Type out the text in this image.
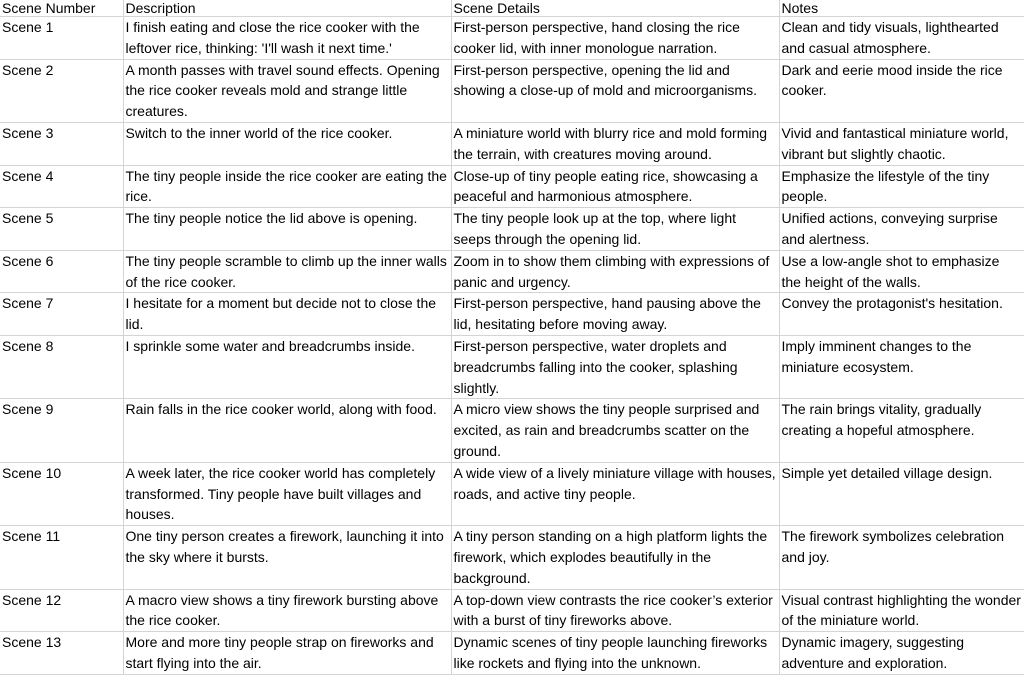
Scene Number	Description	Scene Details	Notes
Scene 1	I finish eating and close the rice cooker with the leftover rice, thinking: 'I'll wash it next time.'	First-person perspective, hand closing the rice cooker lid, with inner monologue narration.	Clean and tidy visuals, lighthearted and casual atmosphere.
Scene 2	A month passes with travel sound effects. Opening the rice cooker reveals mold and strange little creatures.	First-person perspective, opening the lid and showing a close-up of mold and microorganisms.	Dark and eerie mood inside the rice cooker.
Scene 3	Switch to the inner world of the rice cooker.	A miniature world with blurry rice and mold forming the terrain, with creatures moving around.	Vivid and fantastical miniature world, vibrant but slightly chaotic.
Scene 4	The tiny people inside the rice cooker are eating the rice.	Close-up of tiny people eating rice, showcasing a peaceful and harmonious atmosphere.	Emphasize the lifestyle of the tiny people.
Scene 5	The tiny people notice the lid above is opening.	The tiny people look up at the top, where light seeps through the opening lid.	Unified actions, conveying surprise and alertness.
Scene 6	The tiny people scramble to climb up the inner walls of the rice cooker.	Zoom in to show them climbing with expressions of panic and urgency.	Use a low-angle shot to emphasize the height of the walls.
Scene 7	I hesitate for a moment but decide not to close the lid.	First-person perspective, hand pausing above the lid, hesitating before moving away.	Convey the protagonist's hesitation.
Scene 8	I sprinkle some water and breadcrumbs inside.	First-person perspective, water droplets and breadcrumbs falling into the cooker, splashing slightly.	Imply imminent changes to the miniature ecosystem.
Scene 9	Rain falls in the rice cooker world, along with food.	A micro view shows the tiny people surprised and excited, as rain and breadcrumbs scatter on the ground.	The rain brings vitality, gradually creating a hopeful atmosphere.
Scene 10	A week later, the rice cooker world has completely transformed. Tiny people have built villages and houses.	A wide view of a lively miniature village with houses, roads, and active tiny people.	Simple yet detailed village design.
Scene 11	One tiny person creates a firework, launching it into the sky where it bursts.	A tiny person standing on a high platform lights the firework, which explodes beautifully in the background.	The firework symbolizes celebration and joy.
Scene 12	A macro view shows a tiny firework bursting above the rice cooker.	A top-down view contrasts the rice cooker’s exterior with a burst of tiny fireworks above.	Visual contrast highlighting the wonder of the miniature world.
Scene 13	More and more tiny people strap on fireworks and start flying into the air.	Dynamic scenes of tiny people launching fireworks like rockets and flying into the unknown.	Dynamic imagery, suggesting adventure and exploration.
